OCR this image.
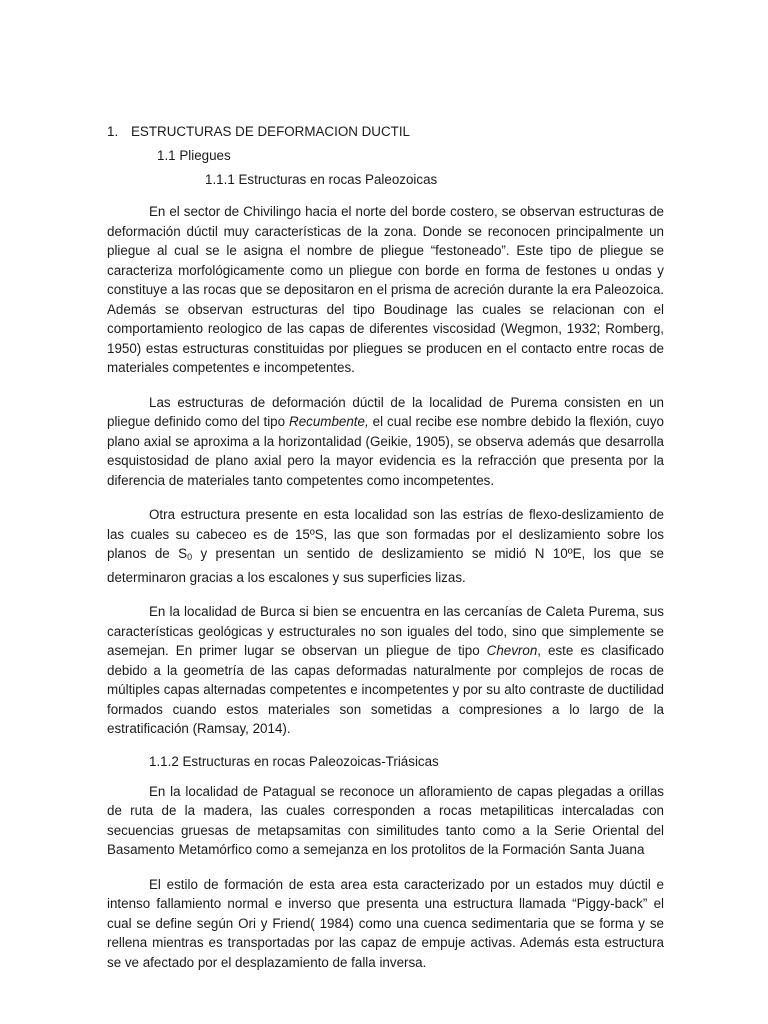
1. ESTRUCTURAS DE DEFORMACION DUCTIL
1.1 Pliegues
1.1.1 Estructuras en rocas Paleozoicas

En el sector de Chivilingo hacia el norte del borde costero, se observan estructuras de deformación dúctil muy características de la zona. Donde se reconocen principalmente un pliegue al cual se le asigna el nombre de pliegue “festoneado”. Este tipo de pliegue se caracteriza morfológicamente como un pliegue con borde en forma de festones u ondas y constituye a las rocas que se depositaron en el prisma de acreción durante la era Paleozoica. Además se observan estructuras del tipo Boudinage las cuales se relacionan con el comportamiento reologico de las capas de diferentes viscosidad (Wegmon, 1932; Romberg, 1950) estas estructuras constituidas por pliegues se producen en el contacto entre rocas de materiales competentes e incompetentes.

Las estructuras de deformación dúctil de la localidad de Purema consisten en un pliegue definido como del tipo Recumbente, el cual recibe ese nombre debido la flexión, cuyo plano axial se aproxima a la horizontalidad (Geikie, 1905), se observa además que desarrolla esquistosidad de plano axial pero la mayor evidencia es la refracción que presenta por la diferencia de materiales tanto competentes como incompetentes.

Otra estructura presente en esta localidad son las estrías de flexo-deslizamiento de las cuales su cabeceo es de 15ºS, las que son formadas por el deslizamiento sobre los planos de $S_0$ y presentan un sentido de deslizamiento se midió N 10ºE, los que se determinaron gracias a los escalones y sus superficies lizas.

En la localidad de Burca si bien se encuentra en las cercanías de Caleta Purema, sus características geológicas y estructurales no son iguales del todo, sino que simplemente se asemejan. En primer lugar se observan un pliegue de tipo Chevron, este es clasificado debido a la geometría de las capas deformadas naturalmente por complejos de rocas de múltiples capas alternadas competentes e incompetentes y por su alto contraste de ductilidad formados cuando estos materiales son sometidas a compresiones a lo largo de la estratificación (Ramsay, 2014).

1.1.2 Estructuras en rocas Paleozoicas-Triásicas

En la localidad de Patagual se reconoce un afloramiento de capas plegadas a orillas de ruta de la madera, las cuales corresponden a rocas metapiliticas intercaladas con secuencias gruesas de metapsamitas con similitudes tanto como a la Serie Oriental del Basamento Metamórfico como a semejanza en los protolitos de la Formación Santa Juana

El estilo de formación de esta area esta caracterizado por un estados muy dúctil e intenso fallamiento normal e inverso que presenta una estructura llamada “Piggy-back” el cual se define según Ori y Friend( 1984) como una cuenca sedimentaria que se forma y se rellena mientras es transportadas por las capaz de empuje activas. Además esta estructura se ve afectado por el desplazamiento de falla inversa.
